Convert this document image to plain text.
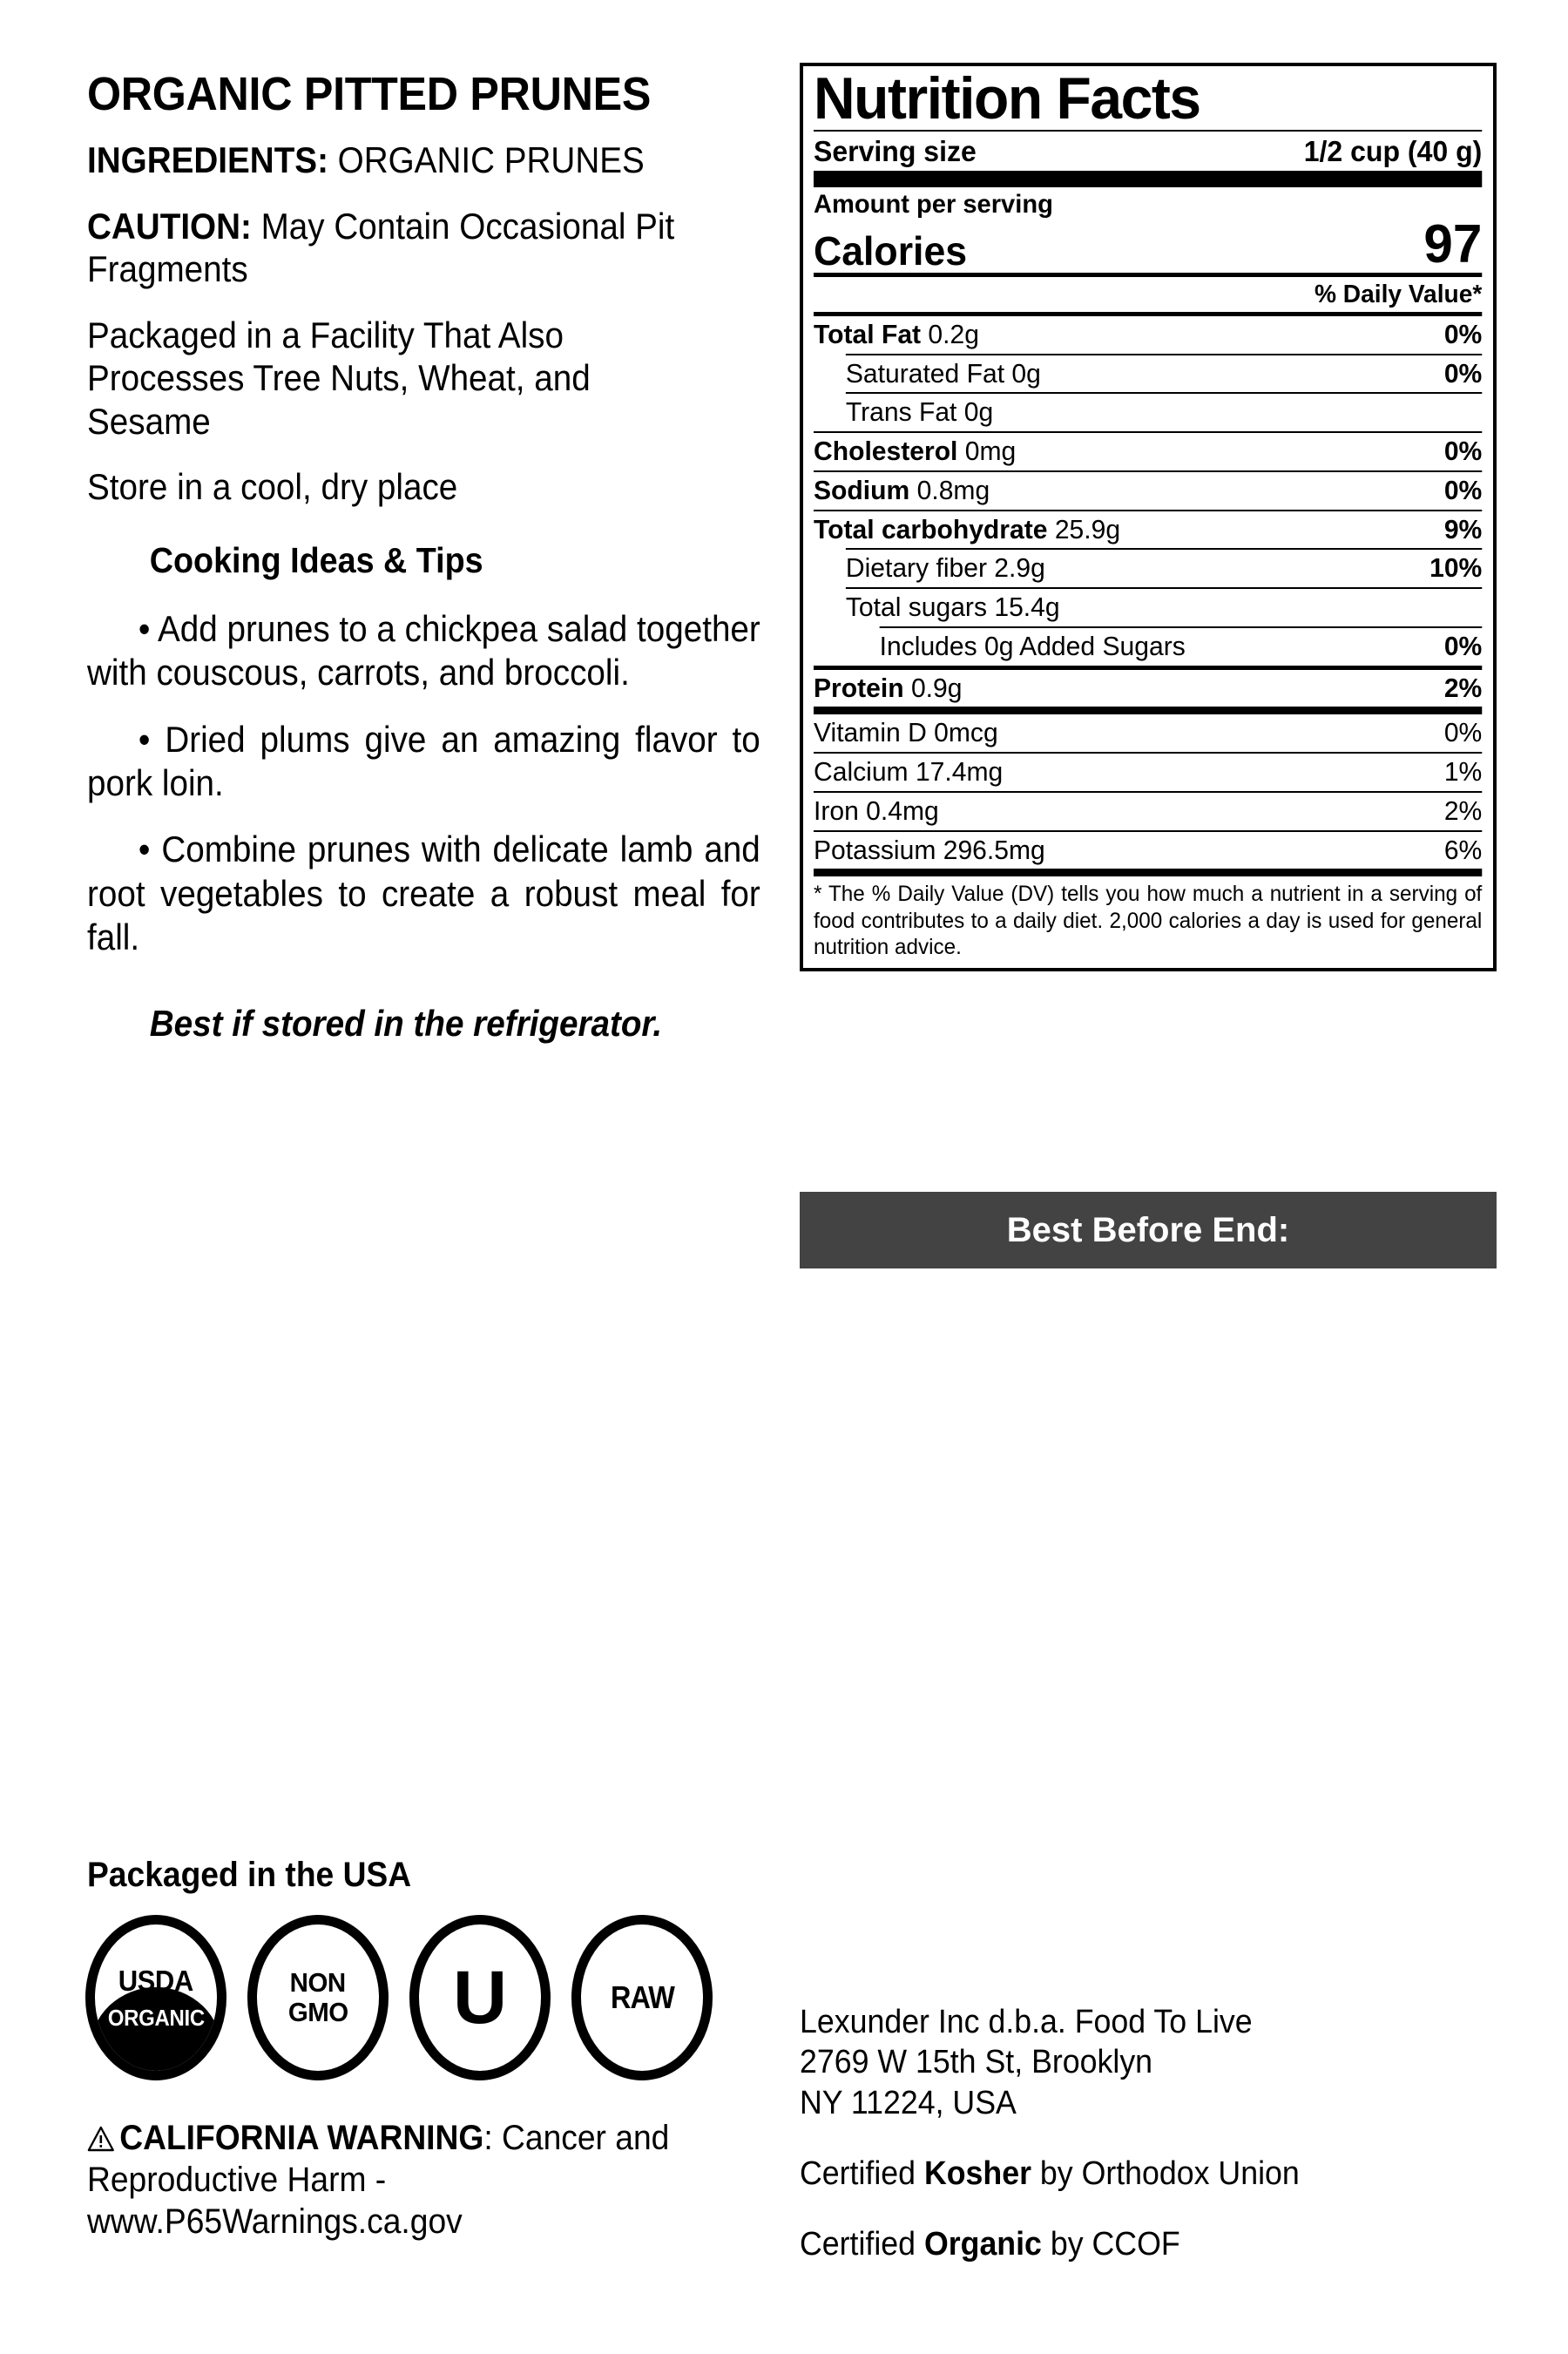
ORGANIC PITTED PRUNES

INGREDIENTS: ORGANIC PRUNES

CAUTION: May Contain Occasional Pit Fragments

Packaged in a Facility That Also Processes Tree Nuts, Wheat, and Sesame

Store in a cool, dry place

Cooking Ideas & Tips

• Add prunes to a chickpea salad together with couscous, carrots, and broccoli.

• Dried plums give an amazing flavor to pork loin.

• Combine prunes with delicate lamb and root vegetables to create a robust meal for fall.

Best if stored in the refrigerator.

Nutrition Facts
Serving size	1/2 cup (40 g)
Amount per serving
Calories	97
% Daily Value*
Total Fat 0.2g	0%
Saturated Fat 0g	0%
Trans Fat 0g
Cholesterol 0mg	0%
Sodium 0.8mg	0%
Total carbohydrate 25.9g	9%
Dietary fiber 2.9g	10%
Total sugars 15.4g
Includes 0g Added Sugars	0%
Protein 0.9g	2%
Vitamin D 0mcg	0%
Calcium 17.4mg	1%
Iron 0.4mg	2%
Potassium 296.5mg	6%
* The % Daily Value (DV) tells you how much a nutrient in a serving of food contributes to a daily diet. 2,000 calories a day is used for general nutrition advice.
Best Before End:
Packaged in the USA
USDA
ORGANIC
NON
GMO U	RAW
CALIFORNIA WARNING: Cancer and Reproductive Harm - www.P65Warnings.ca.gov
Lexunder Inc d.b.a. Food To Live
2769 W 15th St, Brooklyn
NY 11224, USA
Certified Kosher by Orthodox Union
Certified Organic by CCOF
